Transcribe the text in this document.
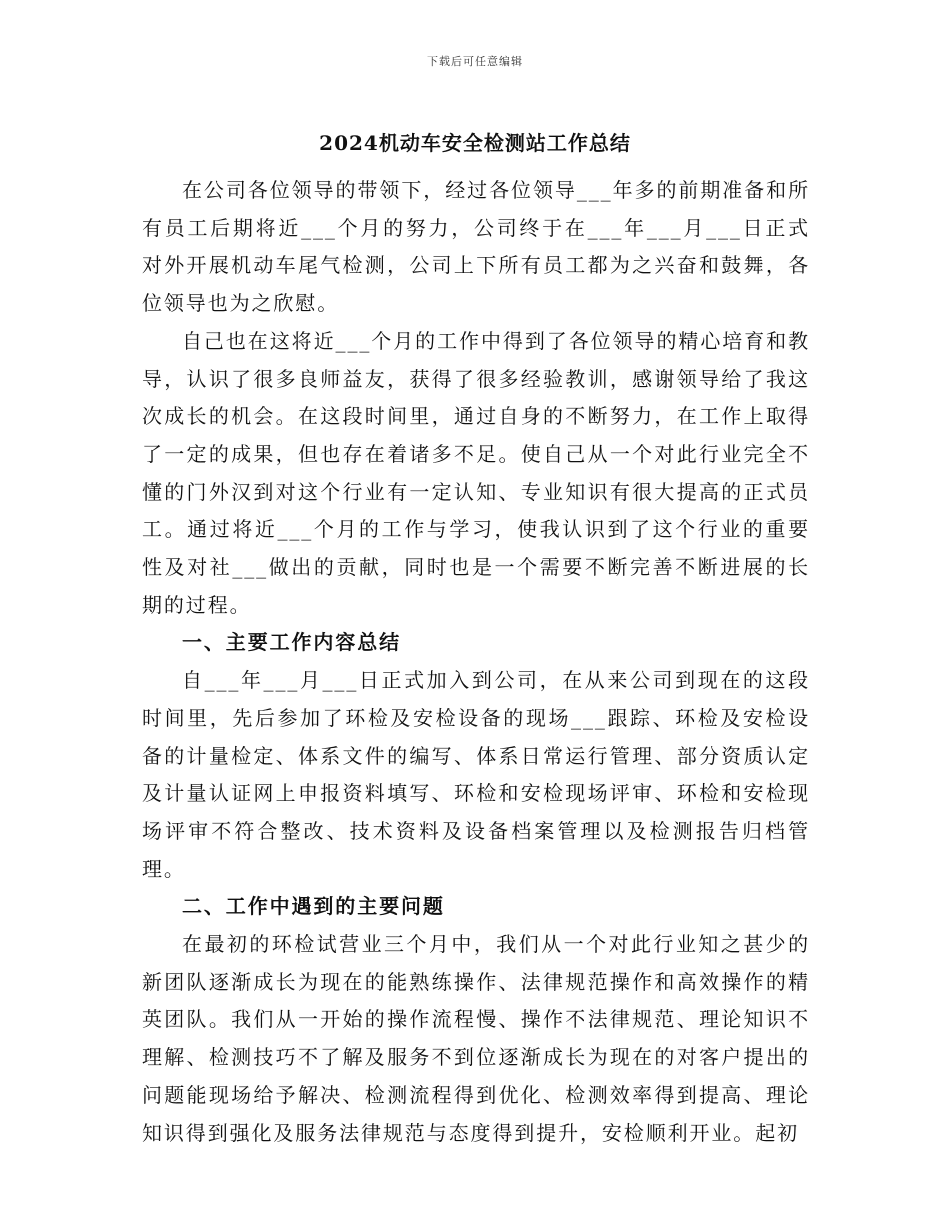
下载后可任意编辑
2024机动车安全检测站工作总结

在公司各位领导的带领下，经过各位领导___年多的前期准备和所有员工后期将近___个月的努力，公司终于在___年___月___日正式对外开展机动车尾气检测，公司上下所有员工都为之兴奋和鼓舞，各位领导也为之欣慰。

自己也在这将近___个月的工作中得到了各位领导的精心培育和教导，认识了很多良师益友，获得了很多经验教训，感谢领导给了我这次成长的机会。在这段时间里，通过自身的不断努力，在工作上取得了一定的成果，但也存在着诸多不足。使自己从一个对此行业完全不懂的门外汉到对这个行业有一定认知、专业知识有很大提高的正式员工。通过将近___个月的工作与学习，使我认识到了这个行业的重要性及对社___做出的贡献，同时也是一个需要不断完善不断进展的长期的过程。

一、主要工作内容总结

自___年___月___日正式加入到公司，在从来公司到现在的这段时间里，先后参加了环检及安检设备的现场___跟踪、环检及安检设备的计量检定、体系文件的编写、体系日常运行管理、部分资质认定及计量认证网上申报资料填写、环检和安检现场评审、环检和安检现场评审不符合整改、技术资料及设备档案管理以及检测报告归档管理。

二、工作中遇到的主要问题

在最初的环检试营业三个月中，我们从一个对此行业知之甚少的新团队逐渐成长为现在的能熟练操作、法律规范操作和高效操作的精英团队。我们从一开始的操作流程慢、操作不法律规范、理论知识不理解、检测技巧不了解及服务不到位逐渐成长为现在的对客户提出的问题能现场给予解决、检测流程得到优化、检测效率得到提高、理论知识得到强化及服务法律规范与态度得到提升，安检顺利开业。起初
